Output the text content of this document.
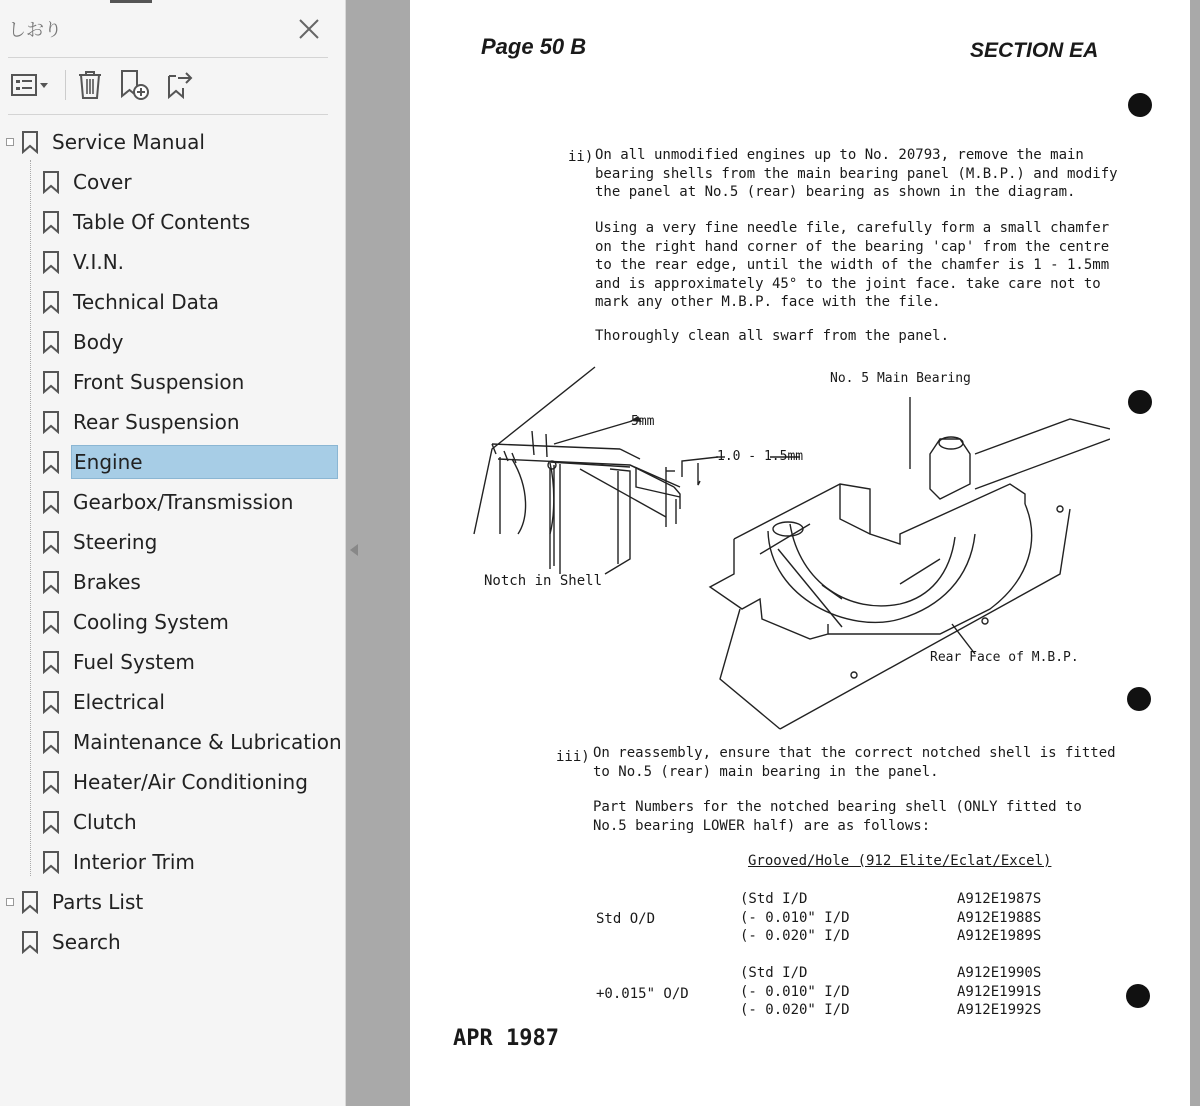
しおり
Service Manual
Cover
Table Of Contents
V.I.N.
Technical Data
Body
Front Suspension
Rear Suspension
Engine
Gearbox/Transmission
Steering
Brakes
Cooling System
Fuel System
Electrical
Maintenance & Lubrication
Heater/Air Conditioning
Clutch
Interior Trim
Parts List
Search
Page 50 B	SECTION EA
ii) On all unmodified engines up to No. 20793, remove the main

bearing shells from the main bearing panel (M.B.P.) and modify

the panel at No.5 (rear) bearing as shown in the diagram.

Using a very fine needle file, carefully form a small chamfer

on the right hand corner of the bearing 'cap' from the centre

to the rear edge, until the width of the chamfer is 1 - 1.5mm

and is approximately 45° to the joint face. take care not to

mark any other M.B.P. face with the file.

Thoroughly clean all swarf from the panel.
5mm
1.0 - 1.5mm
Notch in Shell
No. 5 Main Bearing
Rear Face of M.B.P.
iii) On reassembly, ensure that the correct notched shell is fitted

to No.5 (rear) main bearing in the panel.

Part Numbers for the notched bearing shell (ONLY fitted to

No.5 bearing LOWER half) are as follows:

Grooved/Hole (912 Elite/Eclat/Excel)
Std O/D

(Std I/D

(- 0.010" I/D

(- 0.020" I/D

A912E1987S

A912E1988S

A912E1989S

+0.015" O/D

(Std I/D

(- 0.010" I/D

(- 0.020" I/D

A912E1990S

A912E1991S

A912E1992S

APR 1987
